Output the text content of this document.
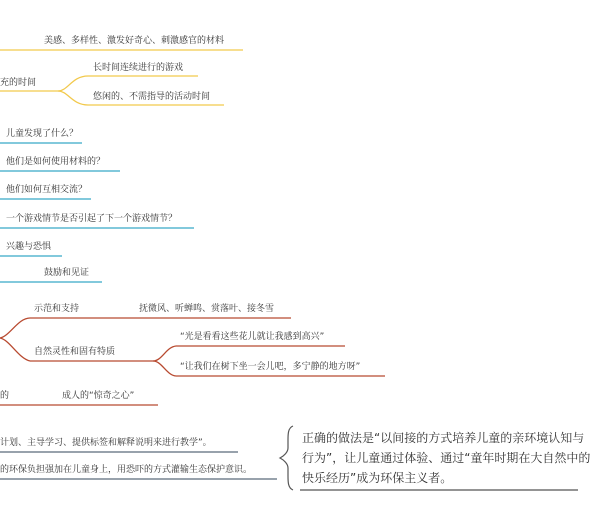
美感、多样性、激发好奇心、刺激感官的材料
充的时间
长时间连续进行的游戏
悠闲的、不需指导的活动时间
儿童发现了什么？
他们是如何使用材料的？
他们如何互相交流？
一个游戏情节是否引起了下一个游戏情节？
兴趣与恐惧
鼓励和见证
示范和支持	抚微风、听蝉鸣、赏落叶、接冬雪
自然灵性和固有特质
“光是看看这些花儿就让我感到高兴”
“让我们在树下坐一会儿吧，多宁静的地方呀”
的	成人的“惊奇之心”
计划、主导学习、提供标签和解释说明来进行教学”。
的环保负担强加在儿童身上，用恐吓的方式灌输生态保护意识。
正确的做法是“以间接的方式培养儿童的亲环境认知与行为”，让儿童通过体验、通过“童年时期在大自然中的快乐经历”成为环保主义者。
